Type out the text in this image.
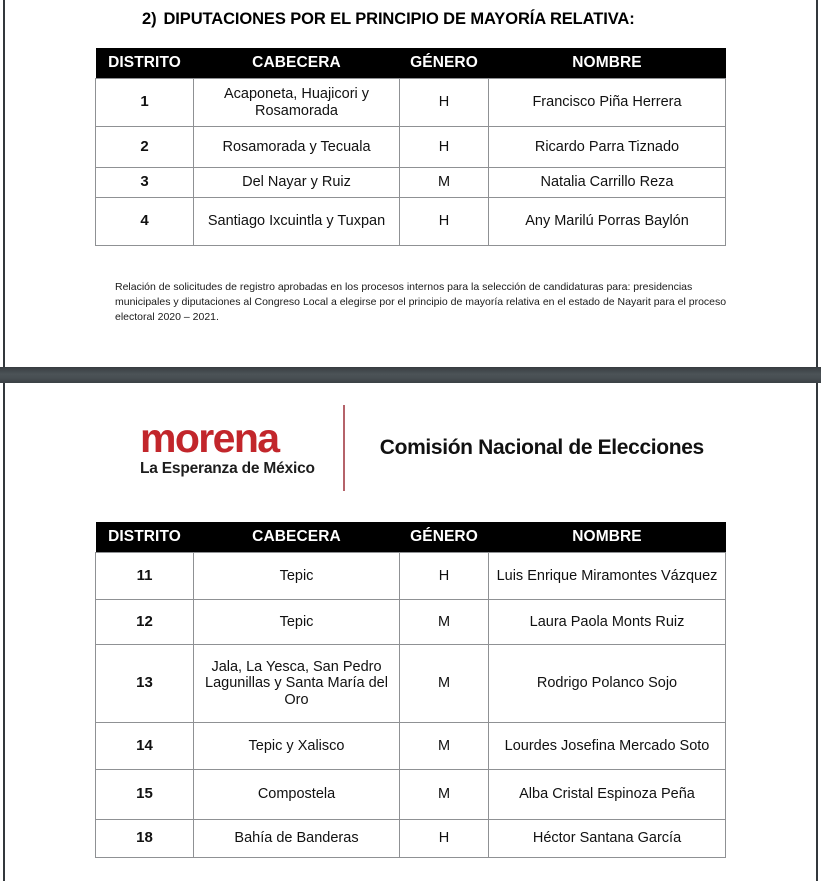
2) DIPUTACIONES POR EL PRINCIPIO DE MAYORÍA RELATIVA:
DISTRITO	CABECERA	GÉNERO	NOMBRE
1	Acaponeta, Huajicori y Rosamorada	H	Francisco Piña Herrera
2	Rosamorada y Tecuala	H	Ricardo Parra Tiznado
3	Del Nayar y Ruiz	M	Natalia Carrillo Reza
4	Santiago Ixcuintla y Tuxpan	H	Any Marilú Porras Baylón
Relación de solicitudes de registro aprobadas en los procesos internos para la selección de candidaturas para: presidencias municipales y diputaciones al Congreso Local a elegirse por el principio de mayoría relativa en el estado de Nayarit para el proceso electoral 2020 – 2021.
morena
La Esperanza de México
Comisión Nacional de Elecciones
DISTRITO	CABECERA	GÉNERO	NOMBRE
11	Tepic	H	Luis Enrique Miramontes Vázquez
12	Tepic	M	Laura Paola Monts Ruiz
13	Jala, La Yesca, San Pedro Lagunillas y Santa María del Oro	M	Rodrigo Polanco Sojo
14	Tepic y Xalisco	M	Lourdes Josefina Mercado Soto
15	Compostela	M	Alba Cristal Espinoza Peña
18	Bahía de Banderas	H	Héctor Santana García
